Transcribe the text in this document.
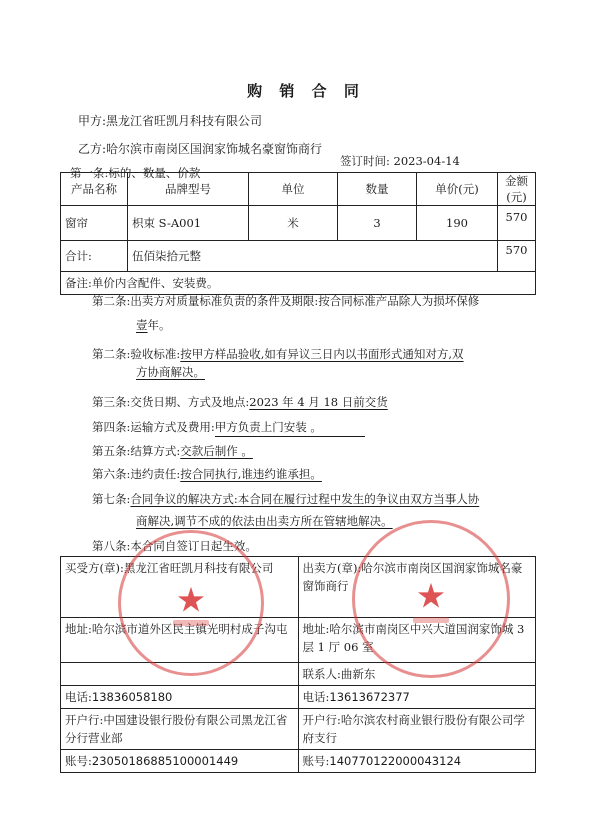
购 销 合 同
甲方:黑龙江省旺凯月科技有限公司
乙方:哈尔滨市南岗区国润家饰城名豪窗饰商行
签订时间: 2023-04-14
第一条:标的、数量、价款
产品名称	品牌型号	单位	数量	单价(元)	金额(元)
窗帘	枳束 S-A001	米	3	190	570
合计:	伍佰柒拾元整				570
备注:单价内含配件、安装费。					
第二条:出卖方对质量标准负责的条件及期限:按合同标准产品除人为损坏保修
壹年。
第二条:验收标准:按甲方样品验收,如有异议三日内以书面形式通知对方,双
方协商解决。
第三条:交货日期、方式及地点:2023 年 4 月 18 日前交货
第四条:运输方式及费用:甲方负责上门安装 。
第五条:结算方式:交款后制作 。
第六条:违约责任:按合同执行,谁违约谁承担。
第七条:合同争议的解决方式:本合同在履行过程中发生的争议由双方当事人协
商解决,调节不成的依法由出卖方所在管辖地解决。
第八条:本合同自签订日起生效。
买受方(章):黑龙江省旺凯月科技有限公司	出卖方(章):哈尔滨市南岗区国润家饰城名豪窗饰商行
地址:哈尔滨市道外区民主镇光明村成子沟屯	地址:哈尔滨市南岗区中兴大道国润家饰城 3 层 1 厅 06 室
	联系人:曲新东
电话:13836058180	电话:13613672377
开户行:中国建设银行股份有限公司黑龙江省分行营业部	开户行:哈尔滨农村商业银行股份有限公司学府支行
账号:23050186885100001449	账号:140770122000043124
★	★
